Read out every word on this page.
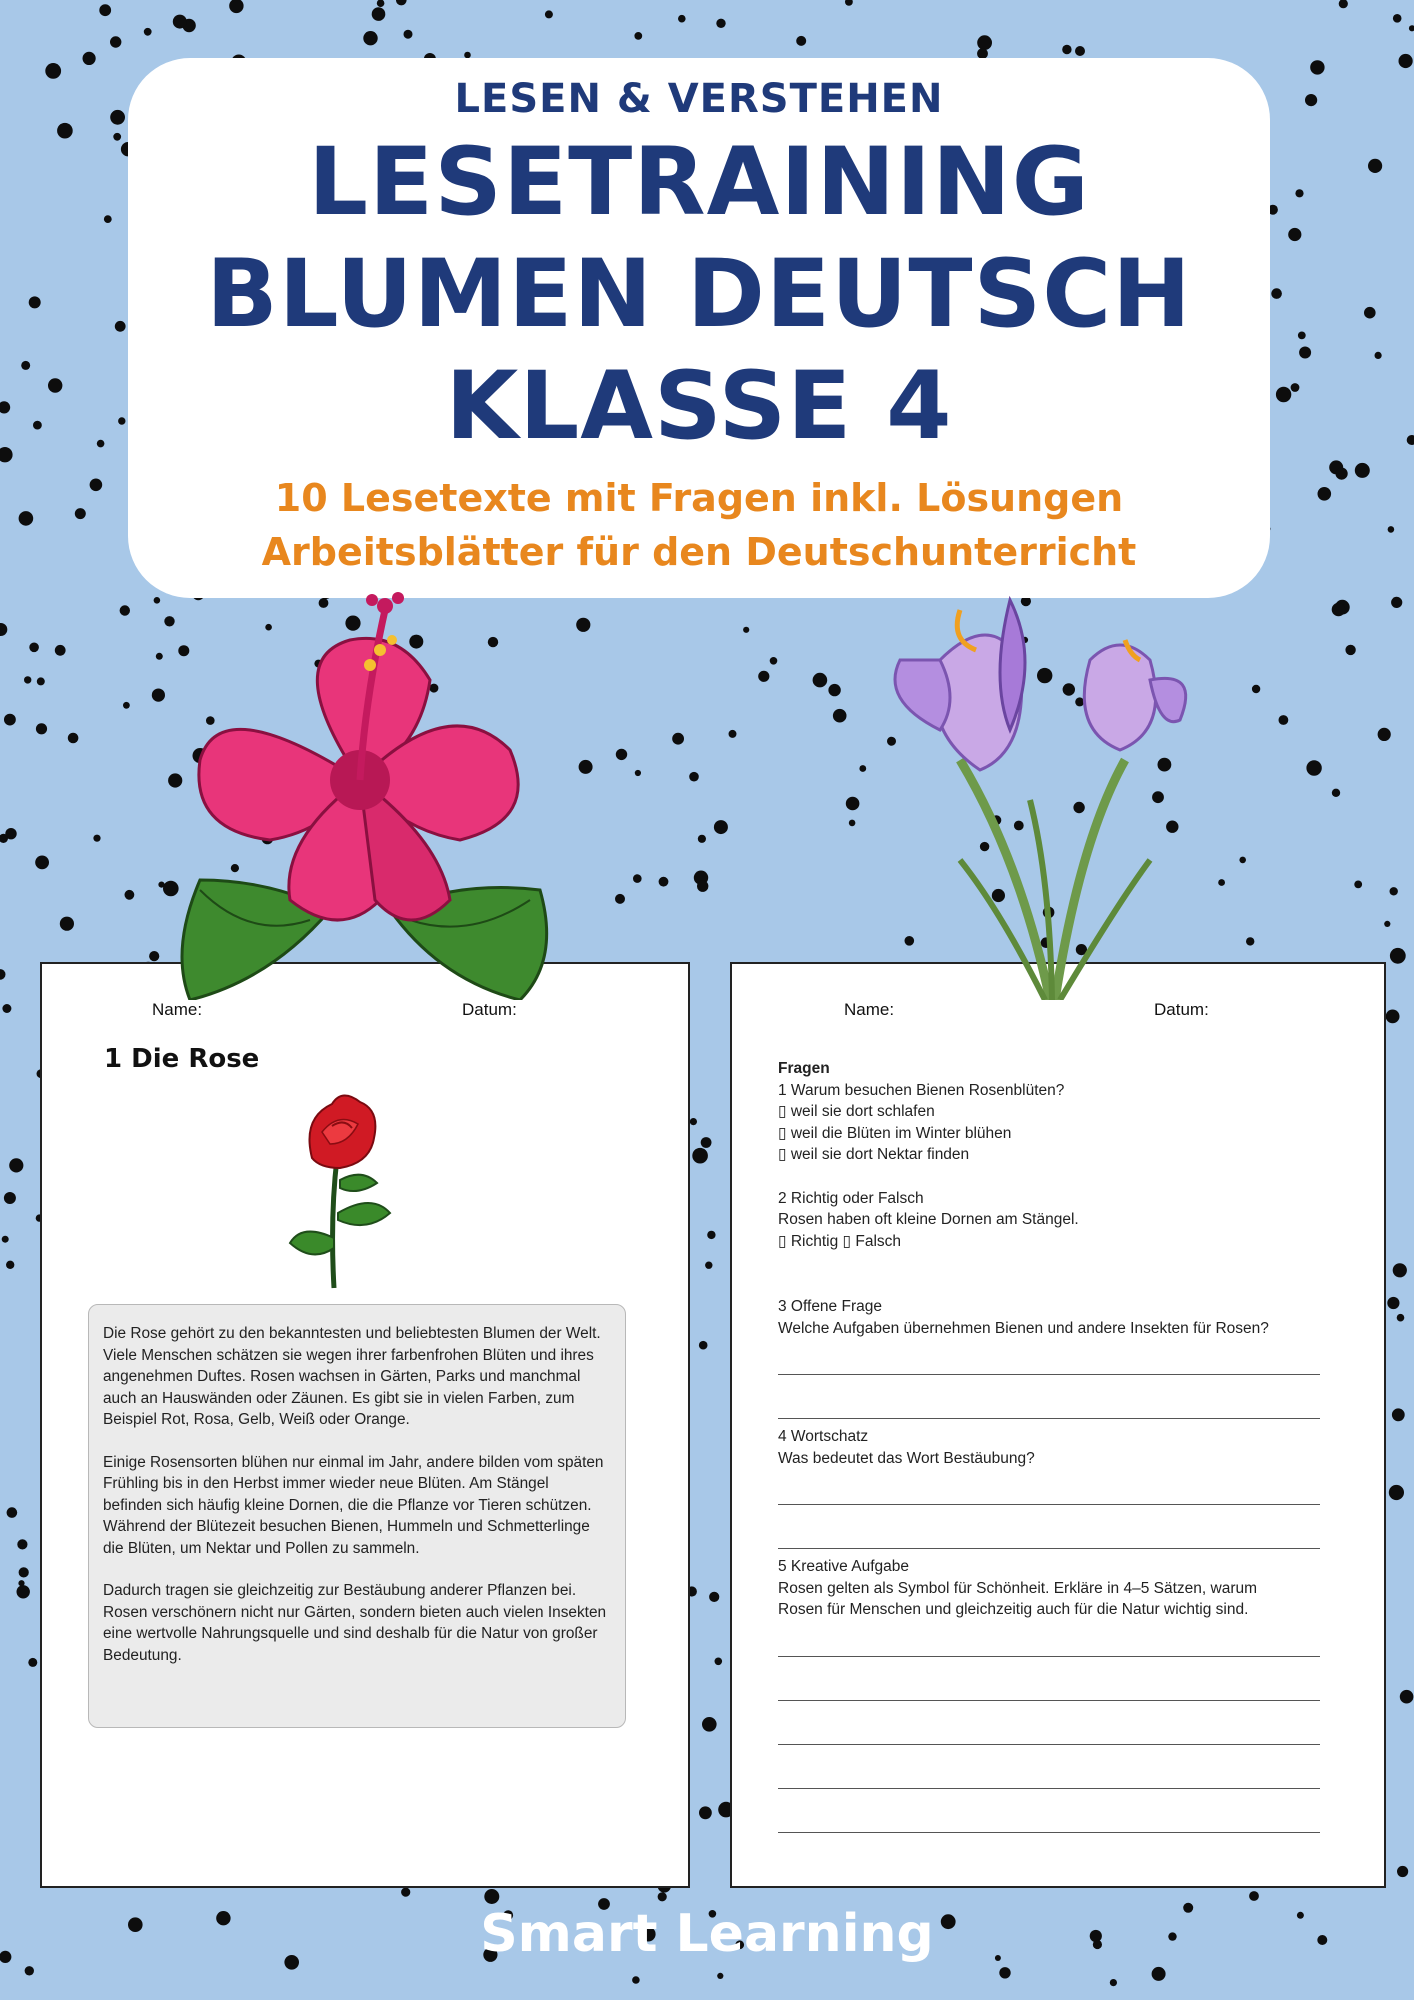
LESEN & VERSTEHEN
LESETRAINING
BLUMEN DEUTSCH
KLASSE 4
10 Lesetexte mit Fragen inkl. Lösungen
Arbeitsblätter für den Deutschunterricht
Name:	Datum:
1 Die Rose

Die Rose gehört zu den bekanntesten und beliebtesten Blumen der Welt. Viele Menschen schätzen sie wegen ihrer farbenfrohen Blüten und ihres angenehmen Duftes. Rosen wachsen in Gärten, Parks und manchmal auch an Hauswänden oder Zäunen. Es gibt sie in vielen Farben, zum Beispiel Rot, Rosa, Gelb, Weiß oder Orange.

Einige Rosensorten blühen nur einmal im Jahr, andere bilden vom späten Frühling bis in den Herbst immer wieder neue Blüten. Am Stängel befinden sich häufig kleine Dornen, die die Pflanze vor Tieren schützen. Während der Blütezeit besuchen Bienen, Hummeln und Schmetterlinge die Blüten, um Nektar und Pollen zu sammeln.

Dadurch tragen sie gleichzeitig zur Bestäubung anderer Pflanzen bei. Rosen verschönern nicht nur Gärten, sondern bieten auch vielen Insekten eine wertvolle Nahrungsquelle und sind deshalb für die Natur von großer Bedeutung.

Name:	Datum:
Fragen
1 Warum besuchen Bienen Rosenblüten?
▯ weil sie dort schlafen
▯ weil die Blüten im Winter blühen
▯ weil sie dort Nektar finden
2 Richtig oder Falsch
Rosen haben oft kleine Dornen am Stängel.
▯ Richtig ▯ Falsch
3 Offene Frage
Welche Aufgaben übernehmen Bienen und andere Insekten für Rosen?
4 Wortschatz
Was bedeutet das Wort Bestäubung?
5 Kreative Aufgabe
Rosen gelten als Symbol für Schönheit. Erkläre in 4–5 Sätzen, warum
Rosen für Menschen und gleichzeitig auch für die Natur wichtig sind.
Smart Learning
